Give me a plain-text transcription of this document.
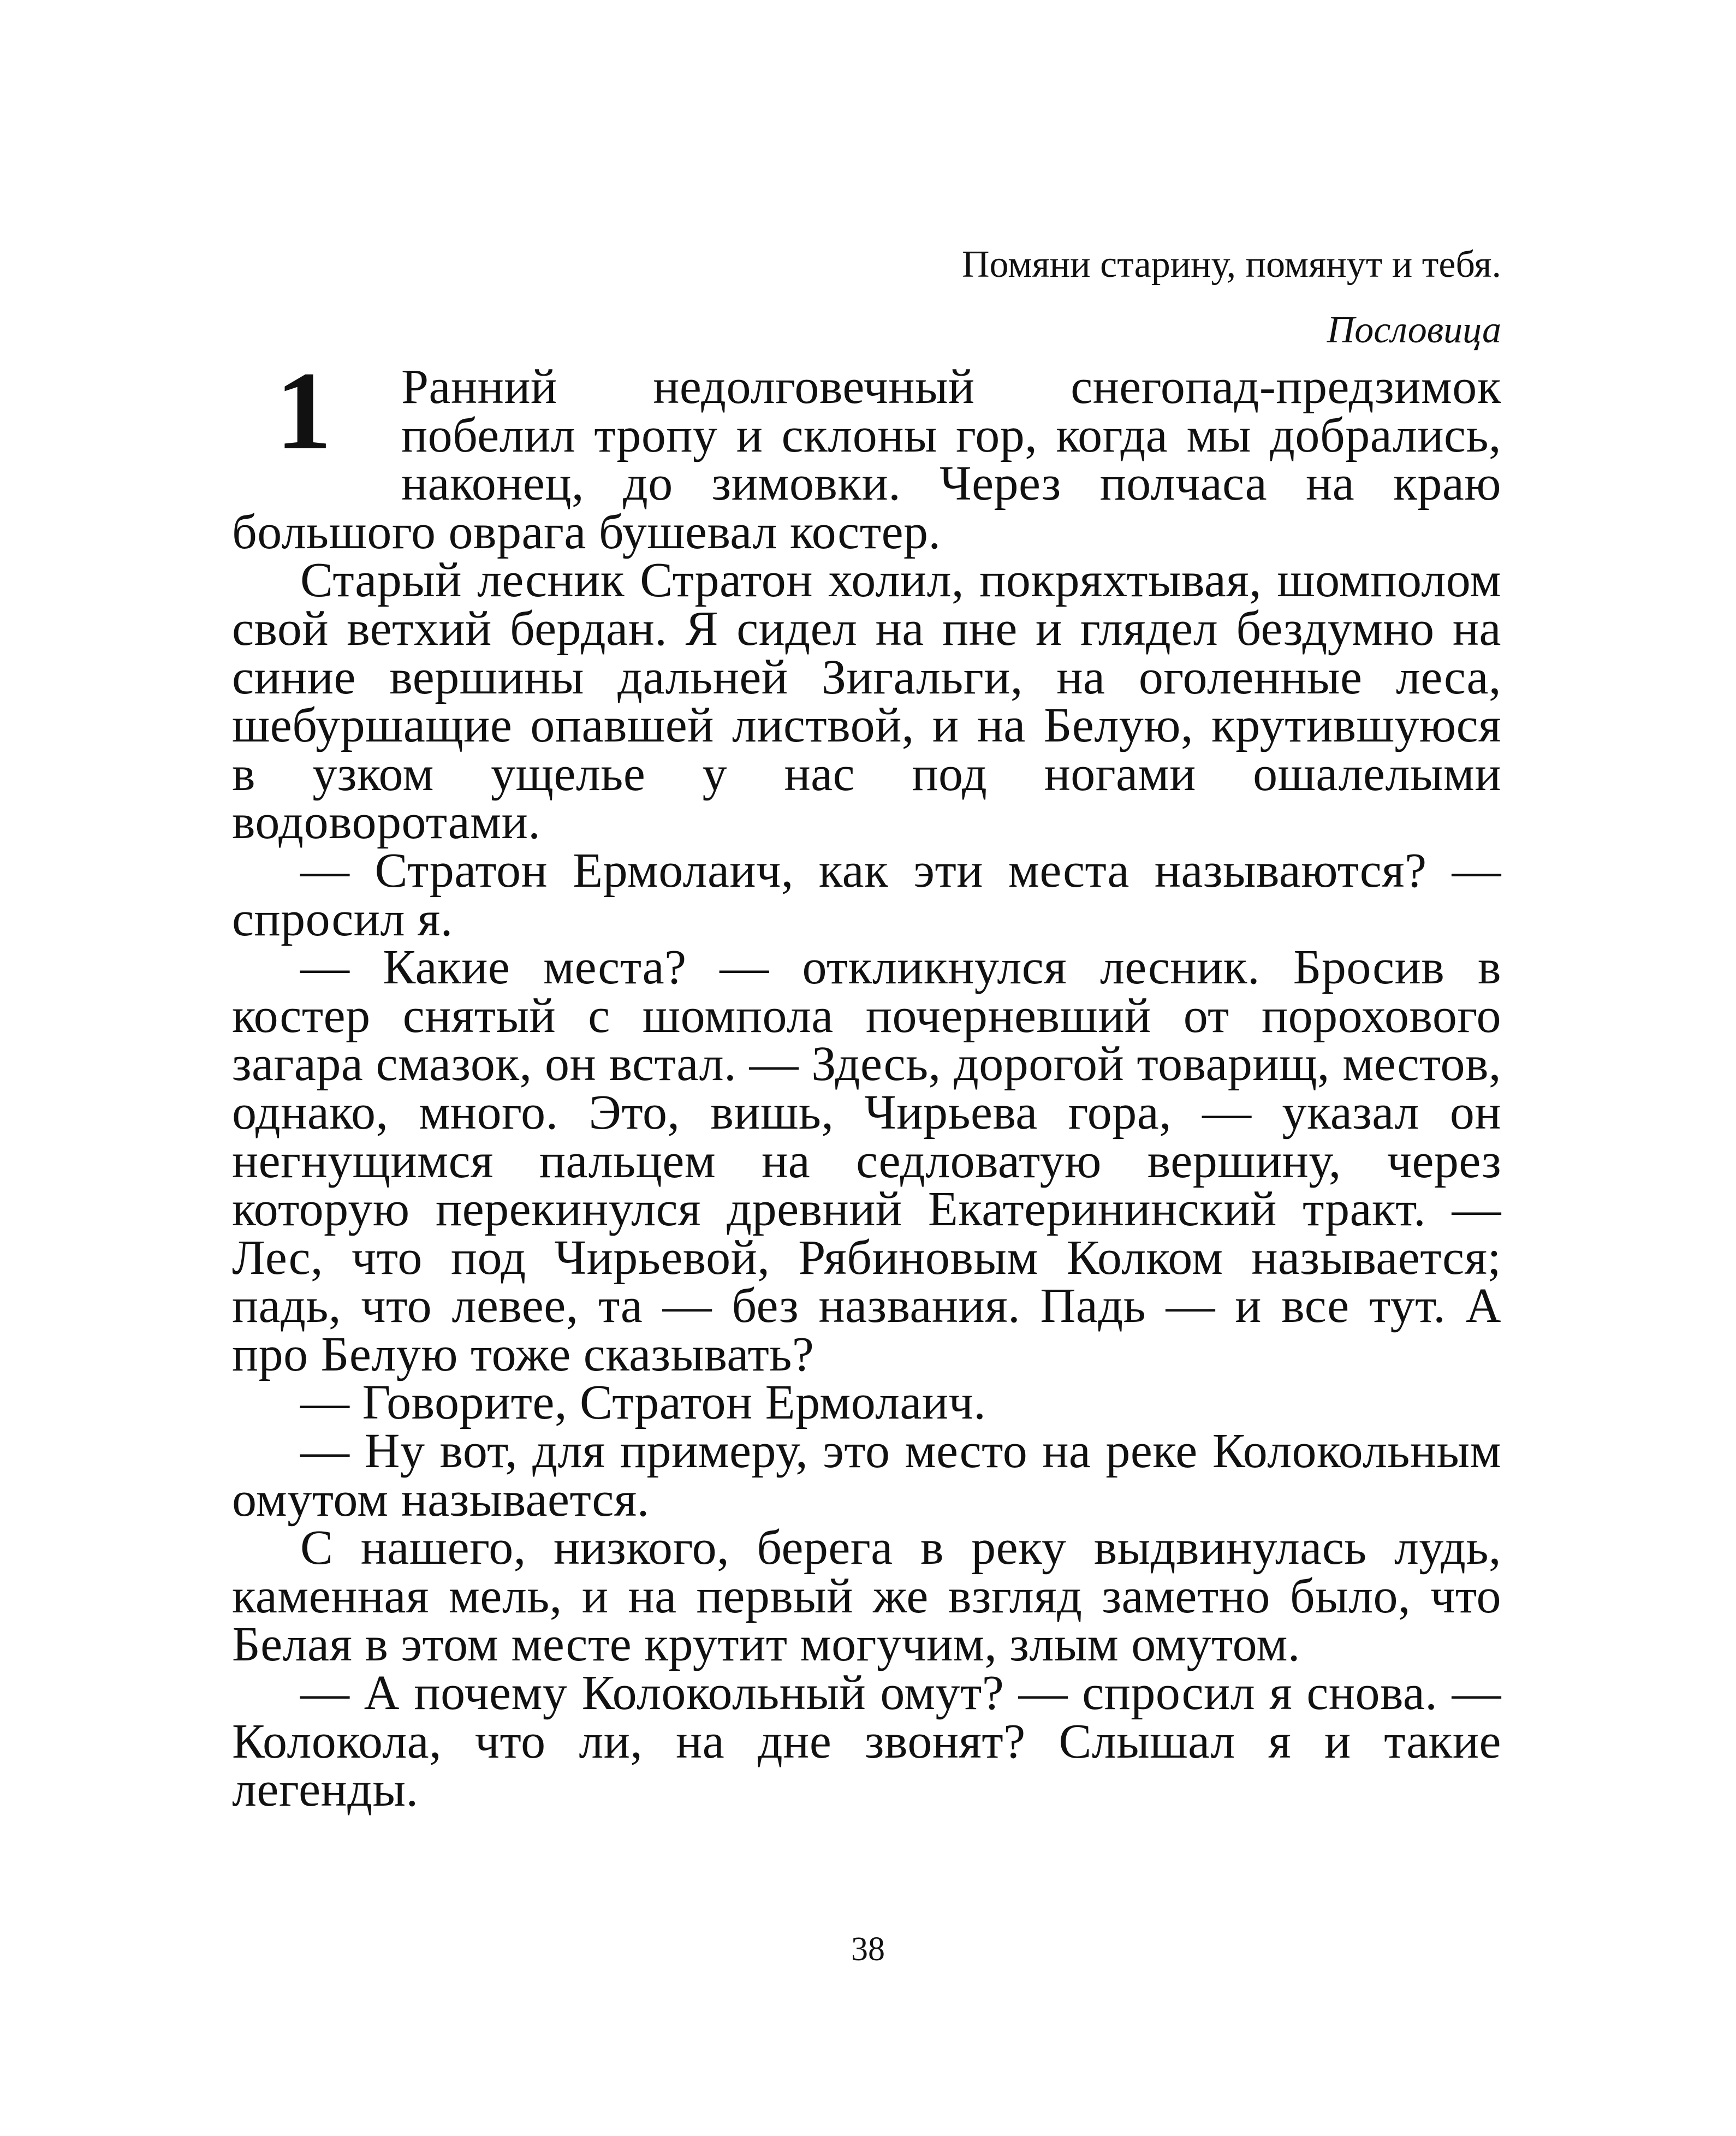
Помяни старину, помянут и тебя.
Пословица
1	Ранний недолговечный снегопад-предзимок побелил тропу и склоны гор, когда мы добрались, наконец, до зимовки. Через полчаса на краю большого оврага бушевал костер.

Старый лесник Стратон холил, покряхтывая, шомполом свой ветхий бердан. Я сидел на пне и глядел бездумно на синие вершины дальней Зигальги, на оголенные леса, шебуршащие опавшей листвой, и на Белую, крутившуюся в узком ущелье у нас под ногами ошалелыми водоворотами.

— Стратон Ермолаич, как эти места называются? — спросил я.

— Какие места? — откликнулся лесник. Бросив в костер снятый с шомпола почерневший от порохового загара смазок, он встал. — Здесь, дорогой товарищ, местов, однако, много. Это, вишь, Чирьева гора, — указал он негнущимся пальцем на седловатую вершину, через которую перекинулся древний Екатерининский тракт. — Лес, что под Чирьевой, Рябиновым Колком называется; падь, что левее, та — без названия. Падь — и все тут. А про Белую тоже сказывать?

— Говорите, Стратон Ермолаич.

— Ну вот, для примеру, это место на реке Колокольным омутом называется.

С нашего, низкого, берега в реку выдвинулась лудь, каменная мель, и на первый же взгляд заметно было, что Белая в этом месте крутит могучим, злым омутом.

— А почему Колокольный омут? — спросил я снова. — Колокола, что ли, на дне звонят? Слышал я и такие легенды.

38
